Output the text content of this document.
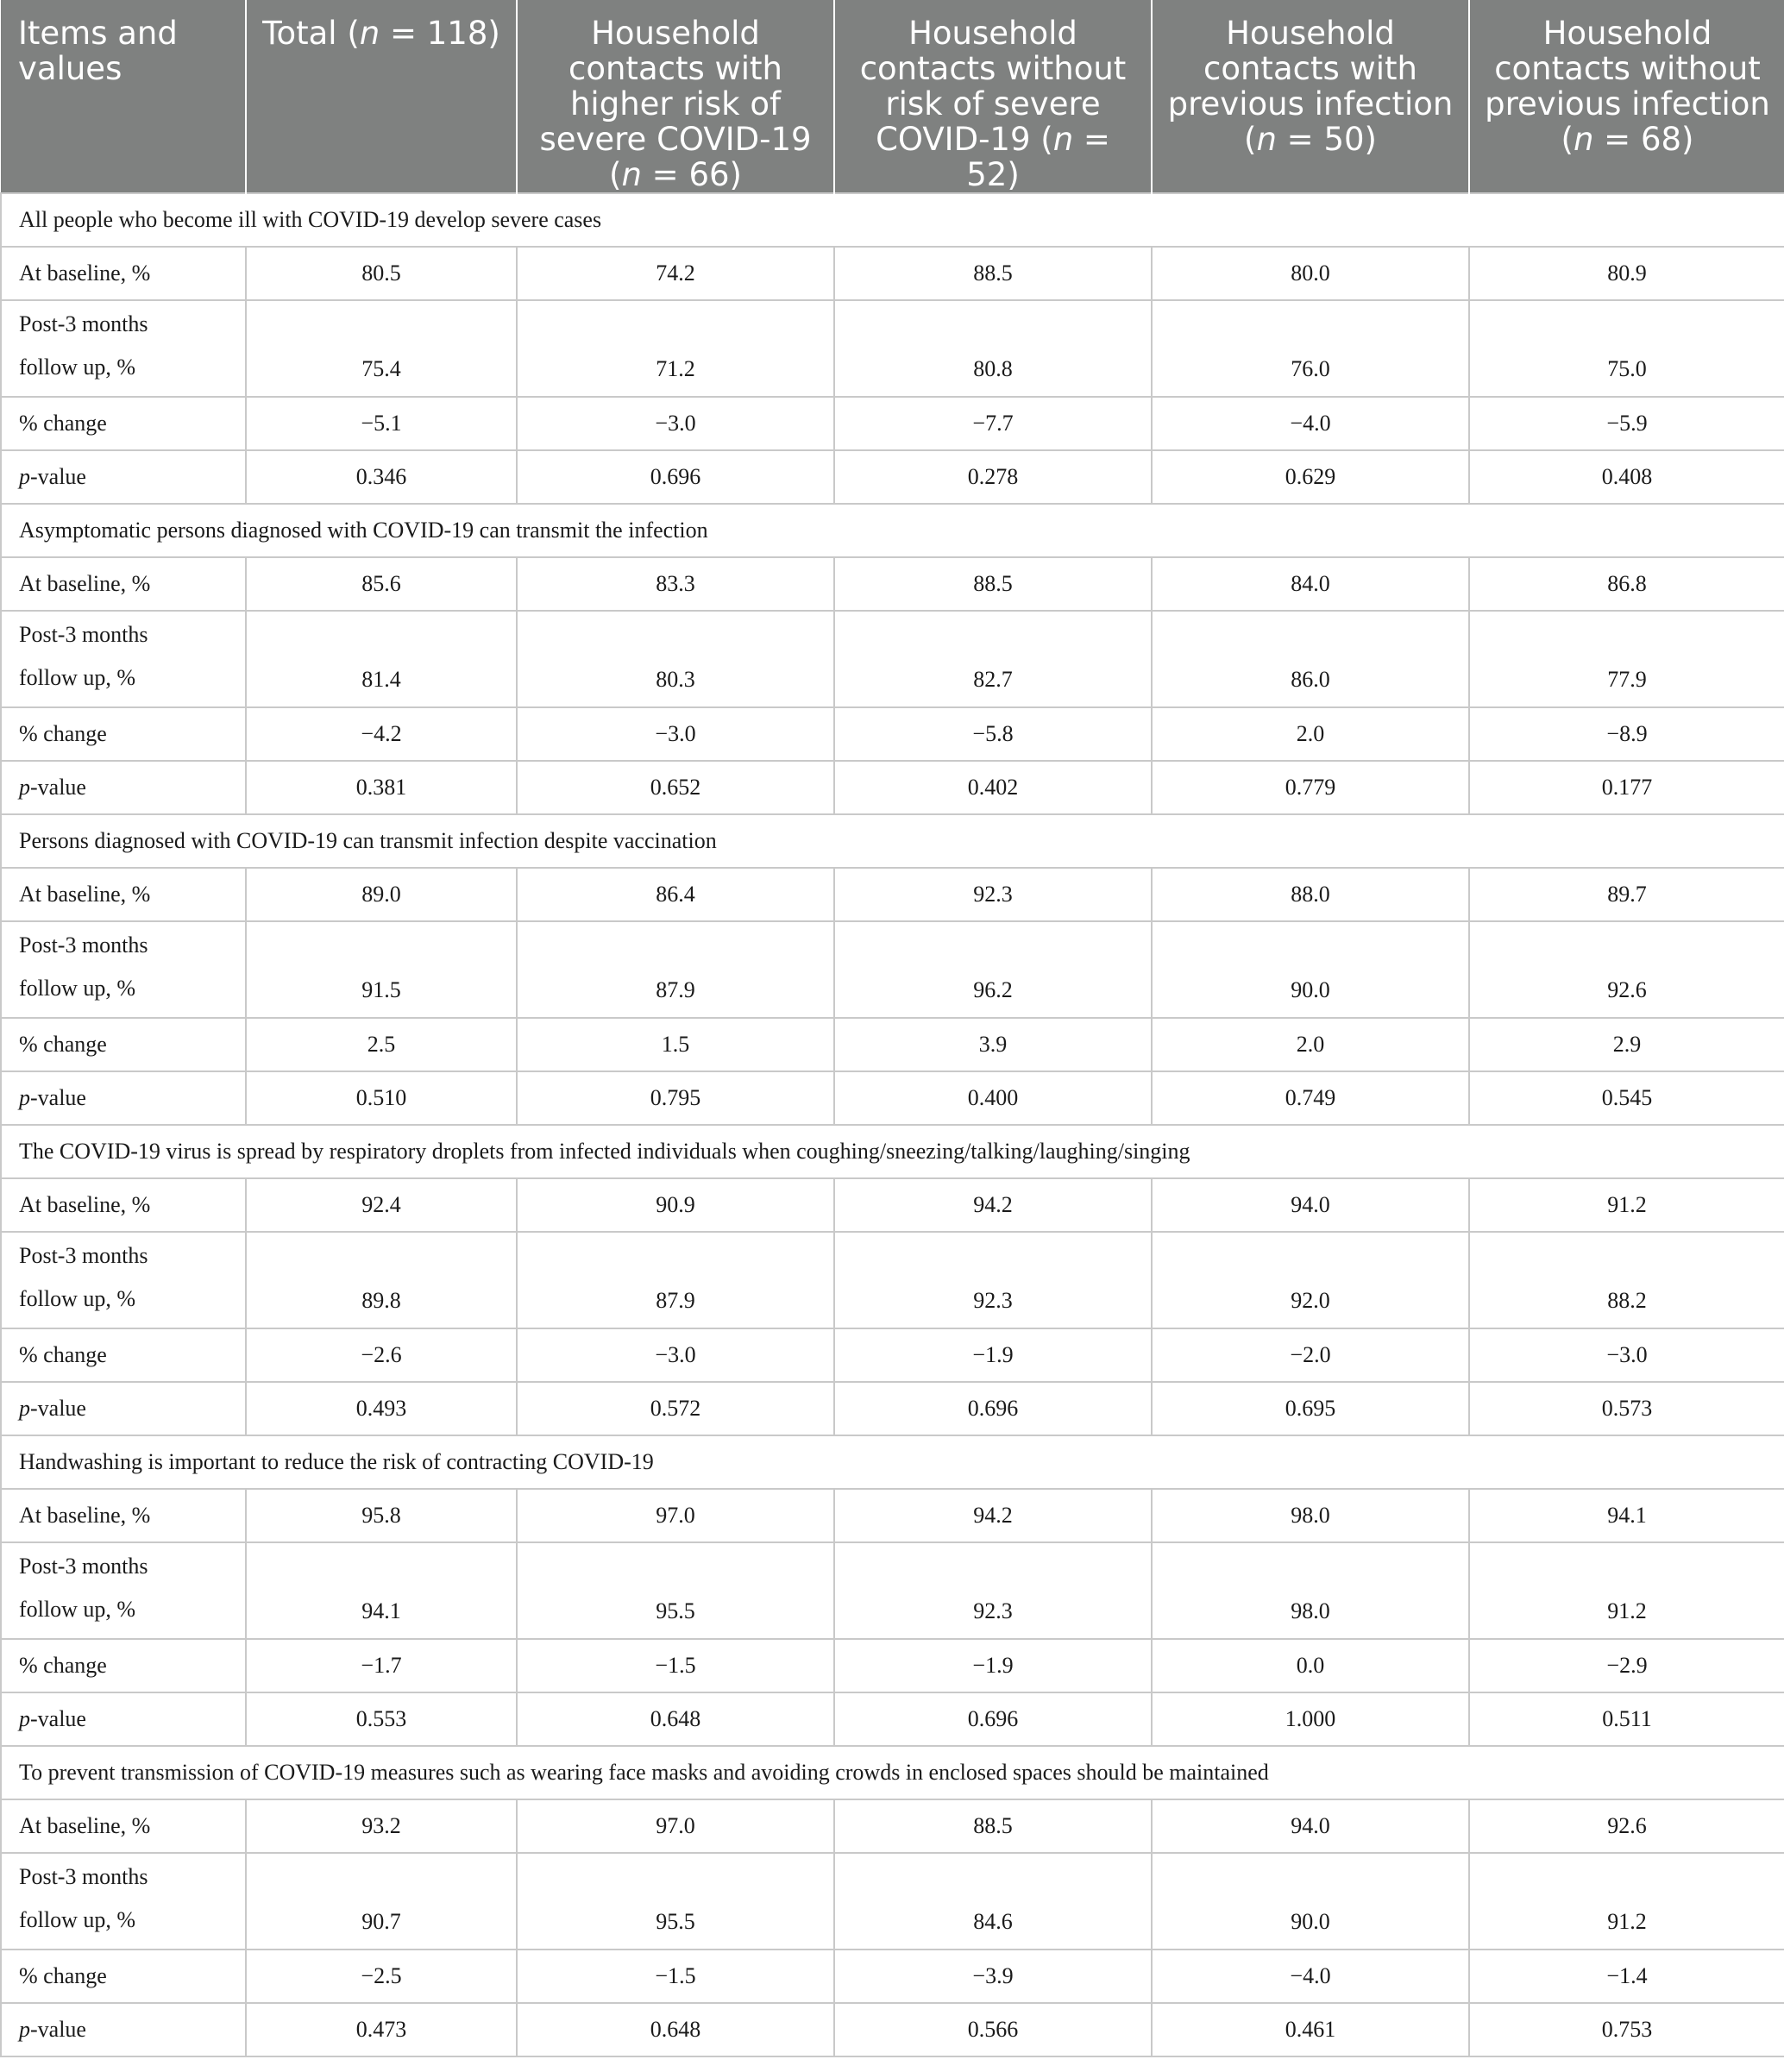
Items and values	Total (n = 118)	Household contacts with higher risk of severe COVID-19 (n = 66)	Household contacts without risk of severe COVID-19 (n = 52)	Household contacts with previous infection (n = 50)	Household contacts without previous infection (n = 68)
All people who become ill with COVID-19 develop severe cases					
At baseline, %	80.5	74.2	88.5	80.0	80.9

Post-3 months
follow up, %	75.4	71.2	80.8	76.0	75.0
% change	−5.1	−3.0	−7.7	−4.0	−5.9
p-value	0.346	0.696	0.278	0.629	0.408
Asymptomatic persons diagnosed with COVID-19 can transmit the infection					
At baseline, %	85.6	83.3	88.5	84.0	86.8

Post-3 months
follow up, %	81.4	80.3	82.7	86.0	77.9
% change	−4.2	−3.0	−5.8	2.0	−8.9
p-value	0.381	0.652	0.402	0.779	0.177
Persons diagnosed with COVID-19 can transmit infection despite vaccination					
At baseline, %	89.0	86.4	92.3	88.0	89.7

Post-3 months
follow up, %	91.5	87.9	96.2	90.0	92.6
% change	2.5	1.5	3.9	2.0	2.9
p-value	0.510	0.795	0.400	0.749	0.545
The COVID-19 virus is spread by respiratory droplets from infected individuals when coughing/sneezing/talking/laughing/singing					
At baseline, %	92.4	90.9	94.2	94.0	91.2

Post-3 months
follow up, %	89.8	87.9	92.3	92.0	88.2
% change	−2.6	−3.0	−1.9	−2.0	−3.0
p-value	0.493	0.572	0.696	0.695	0.573
Handwashing is important to reduce the risk of contracting COVID-19					
At baseline, %	95.8	97.0	94.2	98.0	94.1

Post-3 months
follow up, %	94.1	95.5	92.3	98.0	91.2
% change	−1.7	−1.5	−1.9	0.0	−2.9
p-value	0.553	0.648	0.696	1.000	0.511
To prevent transmission of COVID-19 measures such as wearing face masks and avoiding crowds in enclosed spaces should be maintained					
At baseline, %	93.2	97.0	88.5	94.0	92.6

Post-3 months
follow up, %	90.7	95.5	84.6	90.0	91.2
% change	−2.5	−1.5	−3.9	−4.0	−1.4
p-value	0.473	0.648	0.566	0.461	0.753
